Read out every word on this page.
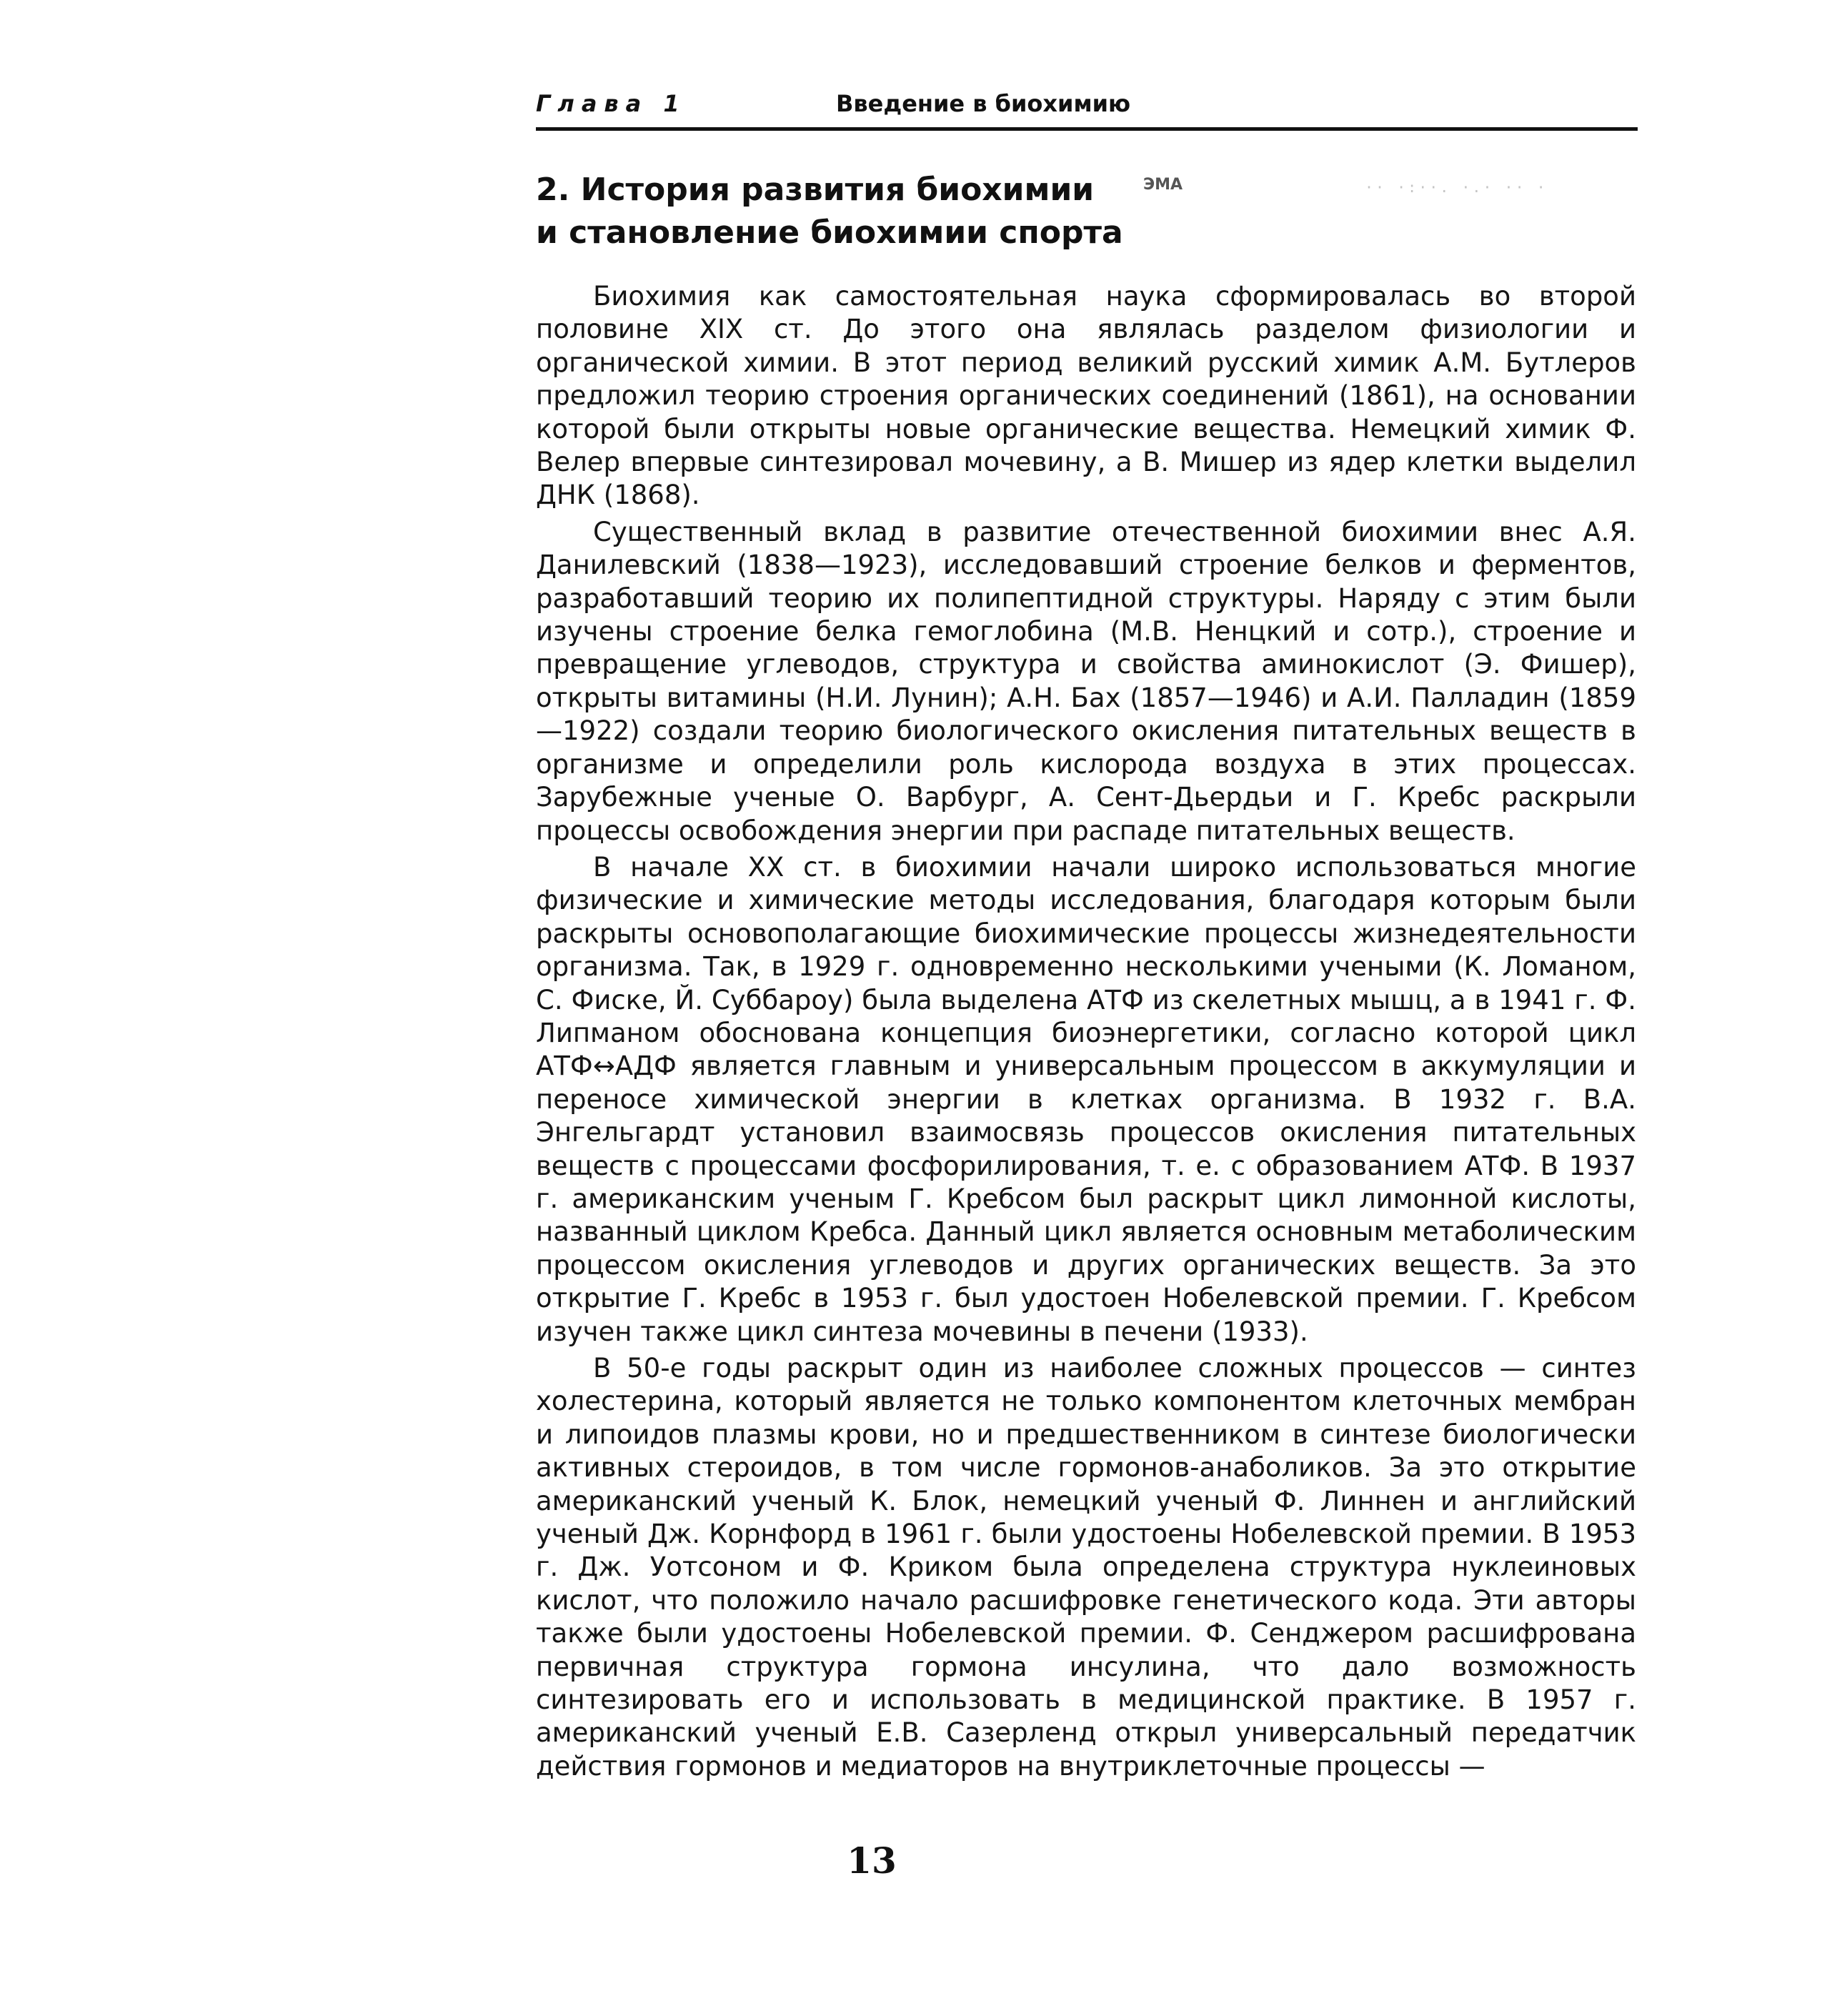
Глава 1	Введение в биохимию
2. История развития биохимии
и становление биохимии спорта
ЭМА	·· ·:··. ·.· ·· ·

Биохимия как самостоятельная наука сформировалась во второй половине XIX ст. До этого она являлась разделом физиологии и органической химии. В этот период великий русский химик А.М. Бутлеров предложил теорию строения органических соединений (1861), на основании которой были открыты новые органические вещества. Немецкий химик Ф. Велер впервые синтезировал мочевину, а В. Мишер из ядер клетки выделил ДНК (1868).

Существенный вклад в развитие отечественной биохимии внес А.Я. Данилевский (1838—1923), исследовавший строение белков и ферментов, разработавший теорию их полипептидной структуры. Наряду с этим были изучены строение белка гемоглобина (М.В. Ненцкий и сотр.), строение и превращение углеводов, структура и свойства аминокислот (Э. Фишер), открыты витамины (Н.И. Лунин); А.Н. Бах (1857—1946) и А.И. Палладин (1859—1922) создали теорию биологического окисления питательных веществ в организме и определили роль кислорода воздуха в этих процессах. Зарубежные ученые О. Варбург, А. Сент-Дьердьи и Г. Кребс раскрыли процессы освобождения энергии при распаде питательных веществ.

В начале XX ст. в биохимии начали широко использоваться многие физические и химические методы исследования, благодаря которым были раскрыты основополагающие биохимические процессы жизнедеятельности организма. Так, в 1929 г. одновременно несколькими учеными (К. Ломаном, С. Фиске, Й. Суббароу) была выделена АТФ из скелетных мышц, а в 1941 г. Ф. Липманом обоснована концепция биоэнергетики, согласно которой цикл АТФ↔АДФ является главным и универсальным процессом в аккумуляции и переносе химической энергии в клетках организма. В 1932 г. В.А. Энгельгардт установил взаимосвязь процессов окисления питательных веществ с процессами фосфорилирования, т. е. с образованием АТФ. В 1937 г. американским ученым Г. Кребсом был раскрыт цикл лимонной кислоты, названный циклом Кребса. Данный цикл является основным метаболическим процессом окисления углеводов и других органических веществ. За это открытие Г. Кребс в 1953 г. был удостоен Нобелевской премии. Г. Кребсом изучен также цикл синтеза мочевины в печени (1933).

В 50-е годы раскрыт один из наиболее сложных процессов — синтез холестерина, который является не только компонентом клеточных мембран и липоидов плазмы крови, но и предшественником в синтезе биологически активных стероидов, в том числе гормонов-анаболиков. За это открытие американский ученый К. Блок, немецкий ученый Ф. Линнен и английский ученый Дж. Корнфорд в 1961 г. были удостоены Нобелевской премии. В 1953 г. Дж. Уотсоном и Ф. Криком была определена структура нуклеиновых кислот, что положило начало расшифровке генетического кода. Эти авторы также были удостоены Нобелевской премии. Ф. Сенджером расшифрована первичная структура гормона инсулина, что дало возможность синтезировать его и использовать в медицинской практике. В 1957 г. американский ученый Е.В. Сазерленд открыл универсальный передатчик действия гормонов и медиаторов на внутриклеточные процессы —

13
